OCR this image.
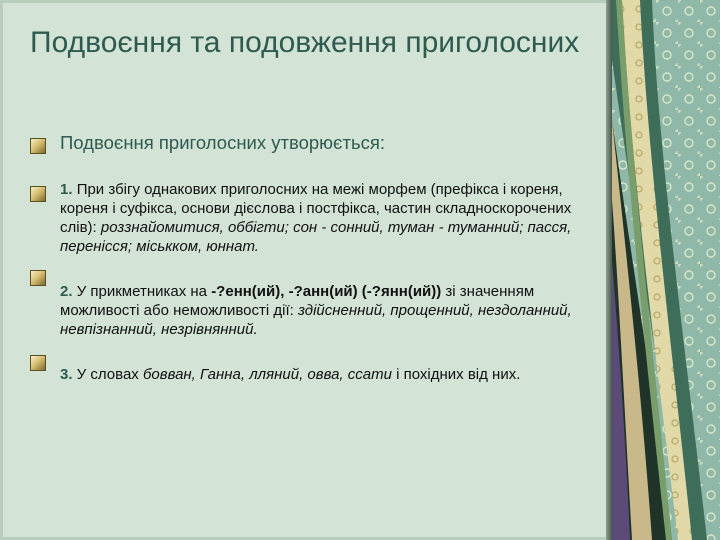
Подвоєння та подовження приголосних
Подвоєння приголосних утворюється:
1. При збігу однакових приголосних на межі морфем (префікса і кореня, кореня і суфікса, основи дієслова і постфікса, частин складноскорочених слів): роззнайомитися, оббігти; сон - сонний, туман - туманний; пасся, перенісся; міськком, юннат.
2. У прикметниках на -?енн(ий), -?анн(ий) (-?янн(ий)) зі значенням можливості або неможливості дії: здійсненний, прощенний, нездоланний, невпізнанний, незрівнянний.
3. У словах бовван, Ганна, лляний, овва, ссати і похідних від них.
